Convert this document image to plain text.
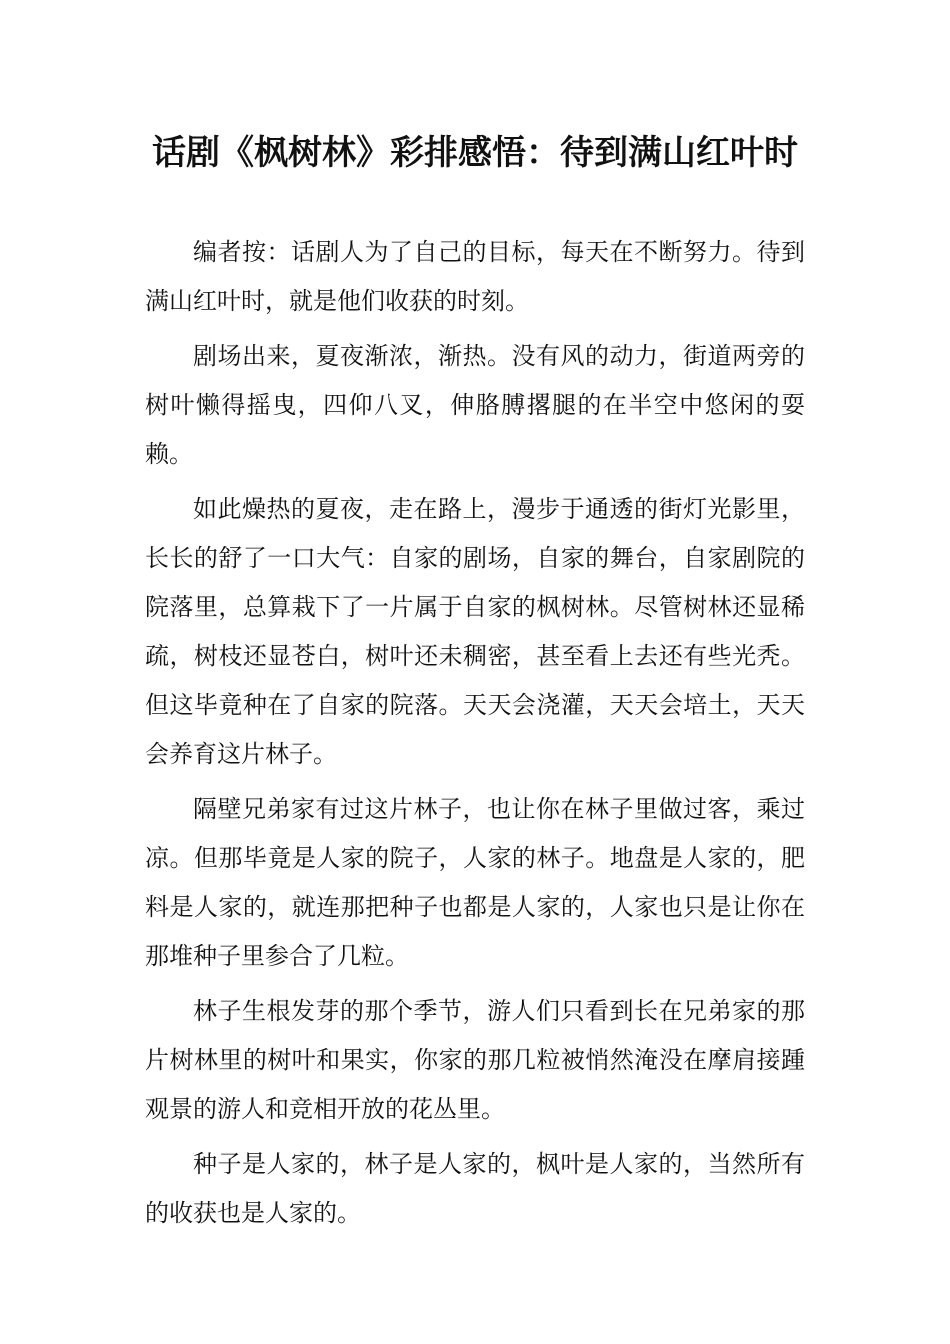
话剧《枫树林》彩排感悟：待到满山红叶时

编者按：话剧人为了自己的目标，每天在不断努力。待到满山红叶时，就是他们收获的时刻。

剧场出来，夏夜渐浓，渐热。没有风的动力，街道两旁的树叶懒得摇曳，四仰八叉，伸胳膊撂腿的在半空中悠闲的耍赖。

如此燥热的夏夜，走在路上，漫步于通透的街灯光影里，长长的舒了一口大气：自家的剧场，自家的舞台，自家剧院的院落里，总算栽下了一片属于自家的枫树林。尽管树林还显稀疏，树枝还显苍白，树叶还未稠密，甚至看上去还有些光秃。但这毕竟种在了自家的院落。天天会浇灌，天天会培土，天天会养育这片林子。

隔壁兄弟家有过这片林子，也让你在林子里做过客，乘过凉。但那毕竟是人家的院子，人家的林子。地盘是人家的，肥料是人家的，就连那把种子也都是人家的，人家也只是让你在那堆种子里参合了几粒。

林子生根发芽的那个季节，游人们只看到长在兄弟家的那片树林里的树叶和果实，你家的那几粒被悄然淹没在摩肩接踵观景的游人和竞相开放的花丛里。

种子是人家的，林子是人家的，枫叶是人家的，当然所有的收获也是人家的。
